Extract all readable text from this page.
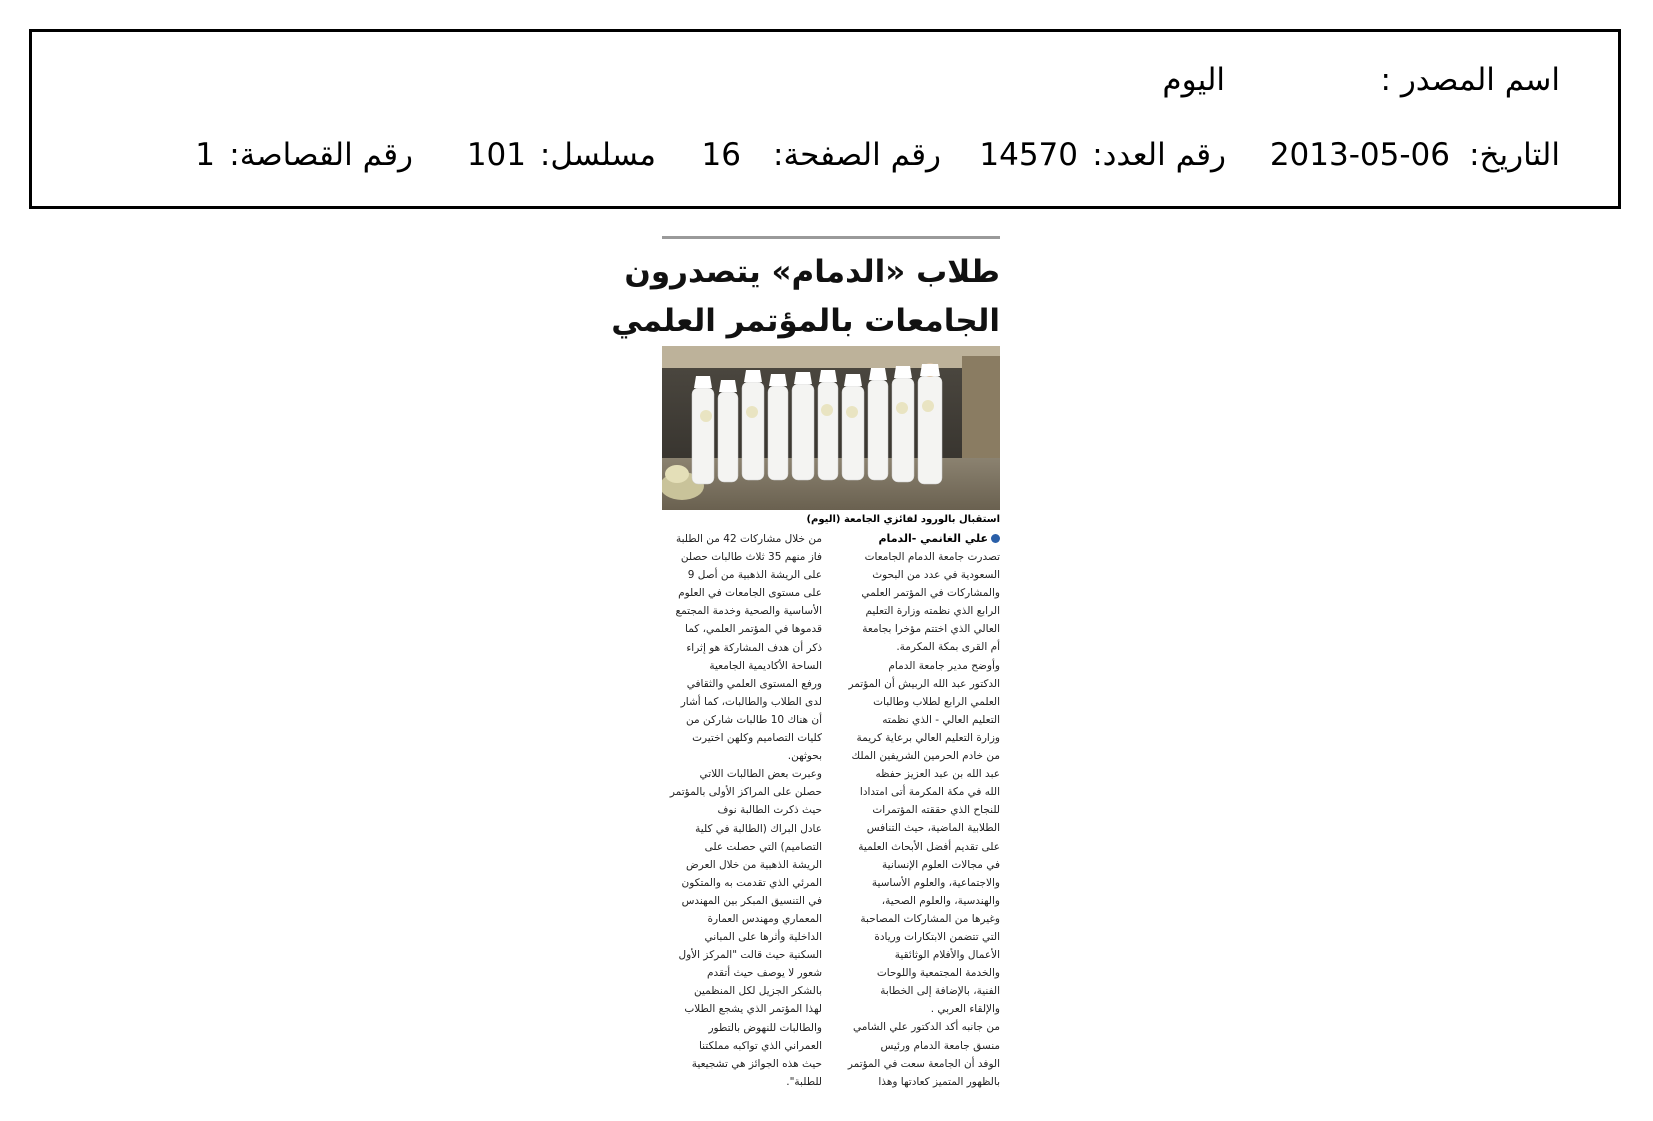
اسم المصدر :
اليوم
التاريخ:
2013-05-06
رقم العدد:
14570
رقم الصفحة:
16
مسلسل:
101
رقم القصاصة:
1
طلاب «الدمام» يتصدرون
الجامعات بالمؤتمر العلمي
استقبال بالورود لفائزي الجامعة (اليوم)
علي الغانمي -الدمام
تصدرت جامعة الدمام الجامعات
السعودية في عدد من البحوث
والمشاركات في المؤتمر العلمي
الرابع الذي نظمته وزارة التعليم
العالي الذي اختتم مؤخرا بجامعة
أم القرى بمكة المكرمة.
وأوضح مدير جامعة الدمام
الدكتور عبد الله الربيش أن المؤتمر
العلمي الرابع لطلاب وطالبات
التعليم العالي - الذي نظمته
وزارة التعليم العالي برعاية كريمة
من خادم الحرمين الشريفين الملك
عبد الله بن عبد العزيز حفظه
الله في مكة المكرمة أتى امتدادا
للنجاح الذي حققته المؤتمرات
الطلابية الماضية، حيث التنافس
على تقديم أفضل الأبحاث العلمية
في مجالات العلوم الإنسانية
والاجتماعية، والعلوم الأساسية
والهندسية، والعلوم الصحية،
وغيرها من المشاركات المصاحبة
التي تتضمن الابتكارات وريادة
الأعمال والأفلام الوثائقية
والخدمة المجتمعية واللوحات
الفنية، بالإضافة إلى الخطابة
والإلقاء العربي .
من جانبه أكد الدكتور علي الشامي
منسق جامعة الدمام ورئيس
الوفد أن الجامعة سعت في المؤتمر
بالظهور المتميز كعادتها وهذا
من خلال مشاركات 42 من الطلبة
فاز منهم 35 ثلاث طالبات حصلن
على الريشة الذهبية من أصل 9
على مستوى الجامعات في العلوم
الأساسية والصحية وخدمة المجتمع
قدموها في المؤتمر العلمي، كما
ذكر أن هدف المشاركة هو إثراء
الساحة الأكاديمية الجامعية
ورفع المستوى العلمي والثقافي
لدى الطلاب والطالبات، كما أشار
أن هناك 10 طالبات شاركن من
كليات التصاميم وكلهن اختيرت
بحوثهن.
وعبرت بعض الطالبات اللاتي
حصلن على المراكز الأولى بالمؤتمر
حيث ذكرت الطالبة نوف
عادل البراك (الطالبة في كلية
التصاميم) التي حصلت على
الريشة الذهبية من خلال العرض
المرئي الذي تقدمت به والمتكون
في التنسيق المبكر بين المهندس
المعماري ومهندس العمارة
الداخلية وأثرها على المباني
السكنية حيث قالت "المركز الأول
شعور لا يوصف حيث أتقدم
بالشكر الجزيل لكل المنظمين
لهذا المؤتمر الذي يشجع الطلاب
والطالبات للنهوض بالتطور
العمراني الذي تواكبه مملكتنا
حيث هذه الجوائز هي تشجيعية
للطلبة".
